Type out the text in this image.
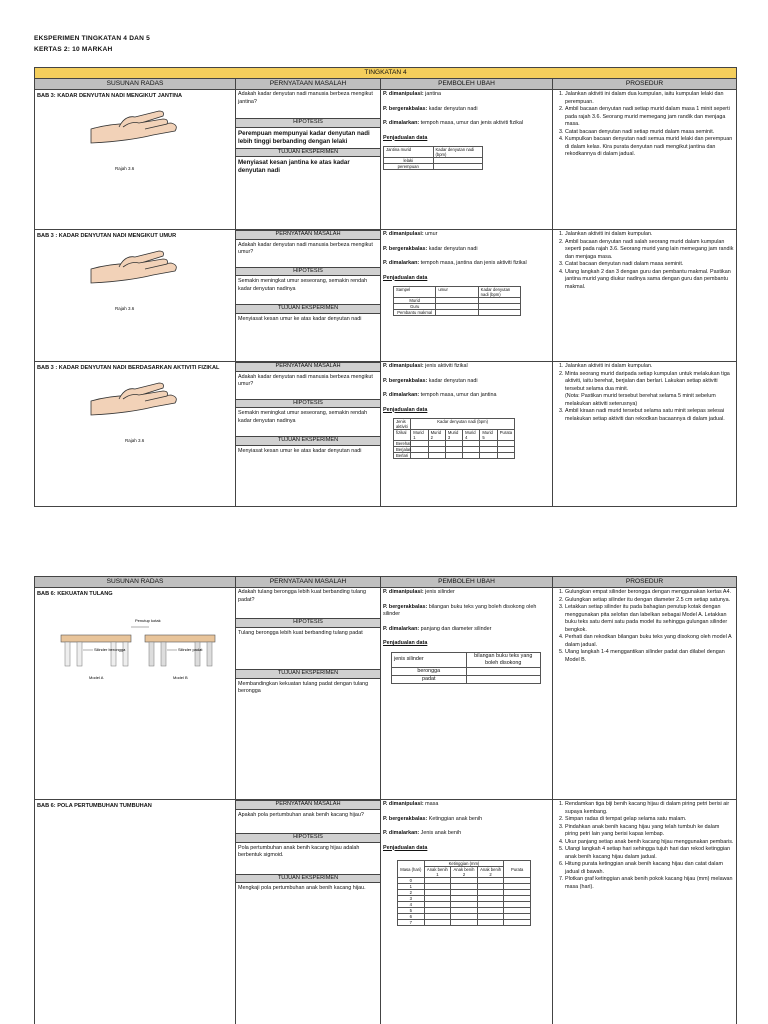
EKSPERIMEN TINGKATAN 4 DAN 5
KERTAS 2: 10 MARKAH
TINGKATAN 4
SUSUNAN RADAS	PERNYATAAN MASALAH	PEMBOLEH UBAH	PROSEDUR

BAB 3: KADAR DENYUTAN NADI MENGIKUT JANTINA
Rajah 3.6

Adakah kadar denyutan nadi manusia berbeza mengikut jantina?
HIPOTESIS
Perempuan mempunyai kadar denyutan nadi lebih tinggi berbanding dengan lelaki
TUJUAN EKSPERIMEN
Menyiasat kesan jantina ke atas kadar denyutan nadi

P. dimanipulasi: jantina
P. bergerakbalas: kadar denyutan nadi
P. dimalarkan: tempoh masa, umur dan jenis aktiviti fizikal
Penjadualan data
Jantina murid	Kadar denyutan nadi (bpm)
lelaki	
perempuan	

1. Jalankan aktiviti ini dalam dua kumpulan, iaitu kumpulan lelaki dan perempuan.
2. Ambil bacaan denyutan nadi setiap murid dalam masa 1 minit seperti pada rajah 3.6. Seorang murid memegang jam randik dan menjaga masa.
3. Catat bacaan denyutan nadi setiap murid dalam masa seminit.
4. Kumpulkan bacaan denyutan nadi semua murid lelaki dan perempuan di dalam kelas. Kira purata denyutan nadi mengikut jantina dan rekodkannya di dalam jadual.

BAB 3 : KADAR DENYUTAN NADI MENGIKUT UMUR
Rajah 3.6

PERNYATAAN MASALAH
Adakah kadar denyutan nadi manusia berbeza mengikut umur?
HIPOTESIS
Semakin meningkat umur seseorang, semakin rendah kadar denyutan nadinya
TUJUAN EKSPERIMEN
Menyiasat kesan umur ke atas kadar denyutan nadi

P. dimanipulasi: umur
P. bergerakbalas: kadar denyutan nadi
P. dimalarkan: tempoh masa, jantina dan jenis aktiviti fizikal
Penjadualan data
Sampel	umur	Kadar denyutan nadi (bpm)
Murid		
Guru		
Pembantu makmal		

1. Jalankan aktiviti ini dalam kumpulan.
2. Ambil bacaan denyutan nadi salah seorang murid dalam kumpulan seperti pada rajah 3.6. Seorang murid yang lain memegang jam randik dan menjaga masa.
3. Catat bacaan denyutan nadi dalam masa seminit.
4. Ulang langkah 2 dan 3 dengan guru dan pembantu makmal. Pastikan jantina murid yang diukur nadinya sama dengan guru dan pembantu makmal.

BAB 3 : KADAR DENYUTAN NADI BERDASARKAN AKTIVITI FIZIKAL
Rajah 3.6

PERNYATAAN MASALAH
Adakah kadar denyutan nadi manusia berbeza mengikut umur?
HIPOTESIS
Semakin meningkat umur seseorang, semakin rendah kadar denyutan nadinya
TUJUAN EKSPERIMEN
Menyiasat kesan umur ke atas kadar denyutan nadi

P. dimanipulasi: jenis aktiviti fizikal
P. bergerakbalas: kadar denyutan nadi
P. dimalarkan: tempoh masa, umur dan jantina
Penjadualan data
Jenis aktiviti	Kadar denyutan nadi (bpm)
fizikal	Murid 1	Murid 2	Murid 3	Murid 4	Murid 5	Purata
Berehat						
Berjalan						
Berlari						

1. Jalankan aktiviti ini dalam kumpulan.
2. Minta seorang murid daripada setiap kumpulan untuk melakukan tiga aktiviti, iaitu berehat, berjalan dan berlari. Lakukan setiap aktiviti tersebut selama dua minit.
(Nota: Pastikan murid tersebut berehat selama 5 minit sebelum melakukan aktiviti seterusnya)
3. Ambil kiraan nadi murid tersebut selama satu minit selepas selesai melakukan setiap aktiviti dan rekodkan bacaannya di dalam jadual.
SUSUNAN RADAS	PERNYATAAN MASALAH	PEMBOLEH UBAH	PROSEDUR

BAB 6: KEKUATAN TULANG
Penutup kotak
Silinder berongga	Silinder padat
Model A	Model B

Adakah tulang berongga lebih kuat berbanding tulang padat?
HIPOTESIS
Tulang berongga lebih kuat berbanding tulang padat
TUJUAN EKSPERIMEN
Membandingkan kekuatan tulang padat dengan tulang berongga

P. dimanipulasi: jenis silinder
P. bergerakbalas: bilangan buku teks yang boleh disokong oleh silinder
P. dimalarkan: panjang dan diameter silinder
Penjadualan data
jenis silinder	bilangan buku teks yang boleh disokong
berongga	
padat	

1. Gulungkan empat silinder berongga dengan menggunakan kertas A4.
2. Gulungkan setiap silinder itu dengan diameter 2.5 cm setiap satunya.
3. Letakkan setiap silinder itu pada bahagian penutup kotak dengan menggunakan pita selofan dan labelkan sebagai Model A. Letakkan buku teks satu demi satu pada model itu sehingga gulungan silinder bengkok.
4. Perhati dan rekodkan bilangan buku teks yang disokong oleh model A dalam jadual.
5. Ulang langkah 1-4 menggantikan silinder padat dan dilabel dengan Model B.

BAB 6: POLA PERTUMBUHAN TUMBUHAN	PERNYATAAN MASALAH
Apakah pola pertumbuhan anak benih kacang hijau?
HIPOTESIS
Pola pertumbuhan anak benih kacang hijau adalah berbentuk sigmoid.
TUJUAN EKSPERIMEN
Mengkaji pola pertumbuhan anak benih kacang hijau.

P. dimanipulasi: masa
P. bergerakbalas: Ketinggian anak benih
P. dimalarkan: Jenis anak benih
Penjadualan data
Masa (hari)	Ketinggian (mm)	Purata
Anak benih 1	Anak benih 2	Anak benih 2
0				
1				
2				
3				
4				
5				
6				
7				

1. Rendamkan tiga biji benih kacang hijau di dalam piring petri berisi air supaya kembang.
2. Simpan radas di tempat gelap selama satu malam.
3. Pindahkan anak benih kacang hijau yang telah tumbuh ke dalam piring petri lain yang berisi kapas lembap.
4. Ukur panjang setiap anak benih kacang hijau menggunakan pembaris.
5. Ulangi langkah 4 setiap hari sehingga tujuh hari dan rekod ketinggian anak benih kacang hijau dalam jadual.
6. Hitung purata ketinggian anak benih kacang hijau dan catat dalam jadual di bawah.
7. Plotkan graf ketinggian anak benih pokok kacang hijau (mm) melawan masa (hari).
